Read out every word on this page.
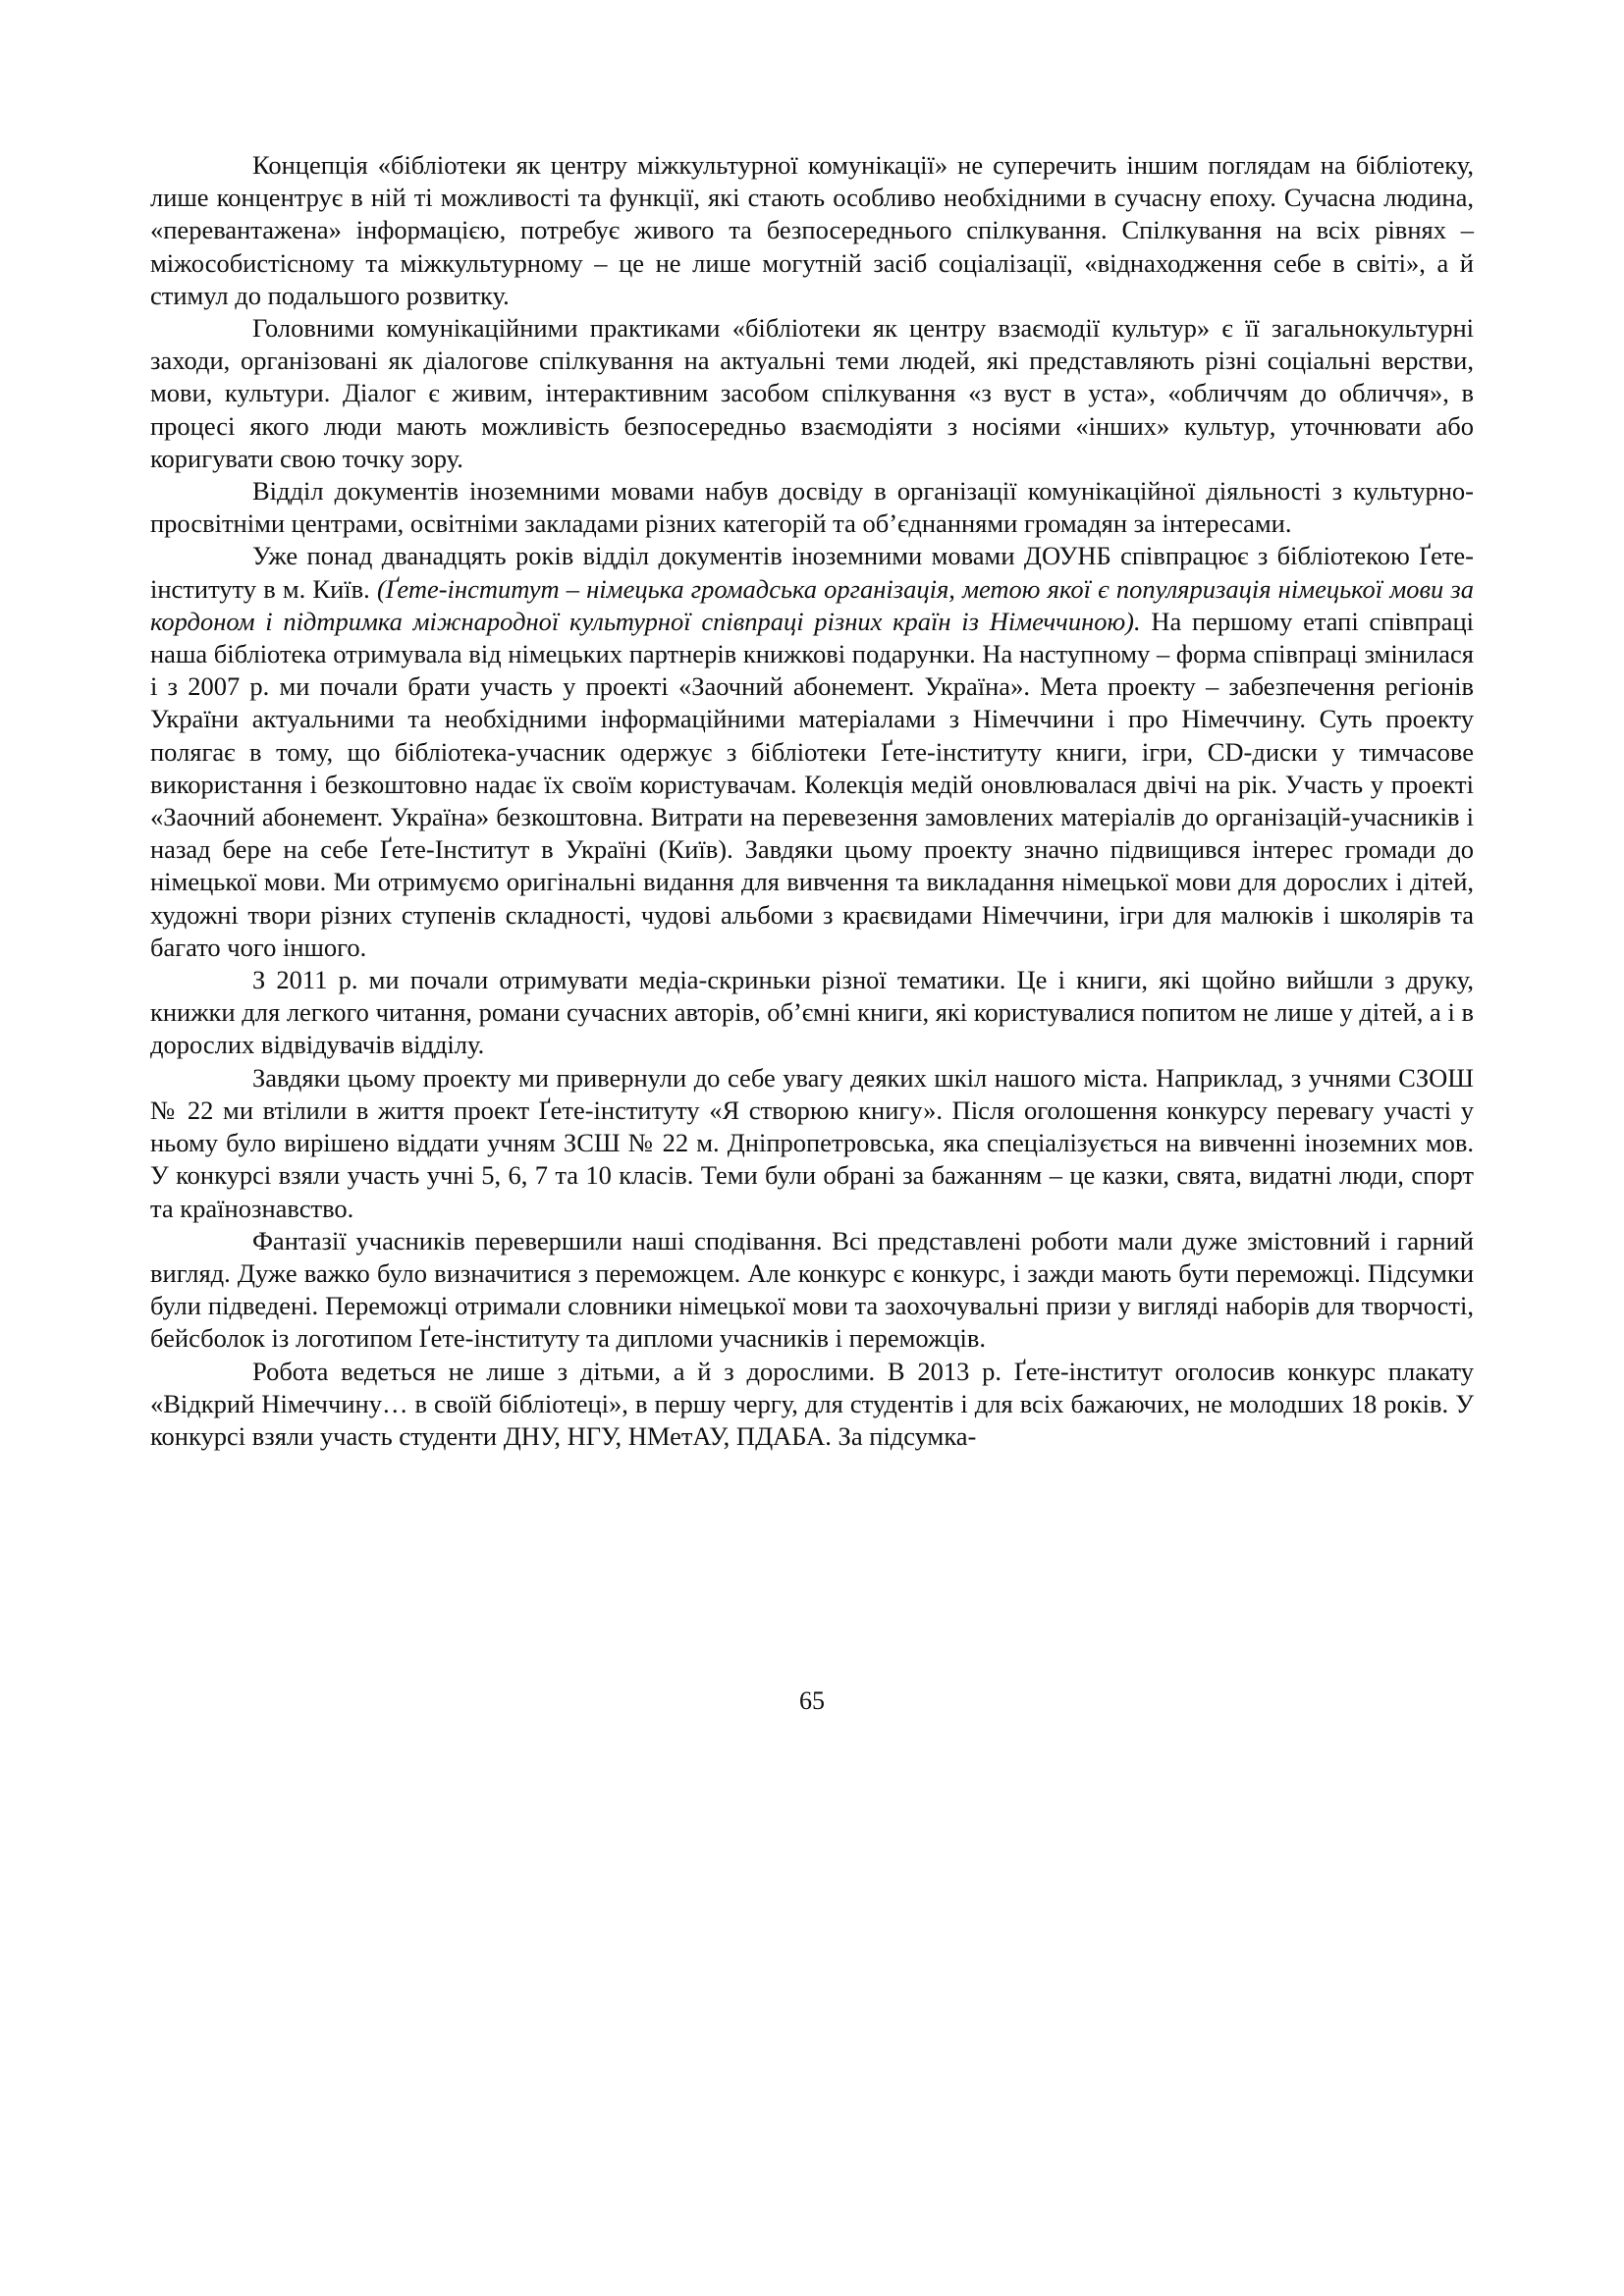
Концепція «бібліотеки як центру міжкультурної комунікації» не суперечить іншим поглядам на бібліотеку, лише концентрує в ній ті можливості та функції, які стають особливо необхідними в сучасну епоху. Сучасна людина, «перевантажена» інформацією, потребує живого та безпосереднього спілкування. Спілкування на всіх рівнях – міжособистісному та міжкультурному – це не лише могутній засіб соціалізації, «віднаходження себе в світі», а й стимул до подальшого розвитку.

Головними комунікаційними практиками «бібліотеки як центру взаємодії культур» є її загальнокультурні заходи, організовані як діалогове спілкування на актуальні теми людей, які представляють різні соціальні верстви, мови, культури. Діалог є живим, інтерактивним засобом спілкування «з вуст в уста», «обличчям до обличчя», в процесі якого люди мають можливість безпосередньо взаємодіяти з носіями «інших» культур, уточнювати або коригувати свою точку зору.

Відділ документів іноземними мовами набув досвіду в організації комунікаційної діяльності з культурно-просвітніми центрами, освітніми закладами різних категорій та об’єднаннями громадян за інтересами.

Уже понад дванадцять років відділ документів іноземними мовами ДОУНБ співпрацює з бібліотекою Ґете-інституту в м. Київ. (Ґете-інститут – німецька громадська організація, метою якої є популяризація німецької мови за кордоном і підтримка міжнародної культурної співпраці різних країн із Німеччиною). На першому етапі співпраці наша бібліотека отримувала від німецьких партнерів книжкові подарунки. На наступному – форма співпраці змінилася і з 2007 р. ми почали брати участь у проекті «Заочний абонемент. Україна». Мета проекту – забезпечення регіонів України актуальними та необхідними інформаційними матеріалами з Німеччини і про Німеччину. Суть проекту полягає в тому, що бібліотека-учасник одержує з бібліотеки Ґете-інституту книги, ігри, CD-диски у тимчасове використання і безкоштовно надає їх своїм користувачам. Колекція медій оновлювалася двічі на рік. Участь у проекті «Заочний абонемент. Україна» безкоштовна. Витрати на перевезення замовлених матеріалів до організацій-учасників і назад бере на себе Ґете-Інститут в Україні (Київ). Завдяки цьому проекту значно підвищився інтерес громади до німецької мови. Ми отримуємо оригінальні видання для вивчення та викладання німецької мови для дорослих і дітей, художні твори різних ступенів складності, чудові альбоми з краєвидами Німеччини, ігри для малюків і школярів та багато чого іншого.

З 2011 р. ми почали отримувати медіа-скриньки різної тематики. Це і книги, які щойно вийшли з друку, книжки для легкого читання, романи сучасних авторів, об’ємні книги, які користувалися попитом не лише у дітей, а і в дорослих відвідувачів відділу.

Завдяки цьому проекту ми привернули до себе увагу деяких шкіл нашого міста. Наприклад, з учнями СЗОШ № 22 ми втілили в життя проект Ґете-інституту «Я створюю книгу». Після оголошення конкурсу перевагу участі у ньому було вирішено віддати учням ЗСШ № 22 м. Дніпропетровська, яка спеціалізується на вивченні іноземних мов. У конкурсі взяли участь учні 5, 6, 7 та 10 класів. Теми були обрані за бажанням – це казки, свята, видатні люди, спорт та країнознавство.

Фантазії учасників перевершили наші сподівання. Всі представлені роботи мали дуже змістовний і гарний вигляд. Дуже важко було визначитися з переможцем. Але конкурс є конкурс, і зажди мають бути переможці. Підсумки були підведені. Переможці отримали словники німецької мови та заохочувальні призи у вигляді наборів для творчості, бейсболок із логотипом Ґете-інституту та дипломи учасників і переможців.

Робота ведеться не лише з дітьми, а й з дорослими. В 2013 р. Ґете-інститут оголосив конкурс плакату «Відкрий Німеччину… в своїй бібліотеці», в першу чергу, для студентів і для всіх бажаючих, не молодших 18 років. У конкурсі взяли участь студенти ДНУ, НГУ, НМетАУ, ПДАБА. За підсумка-

65
